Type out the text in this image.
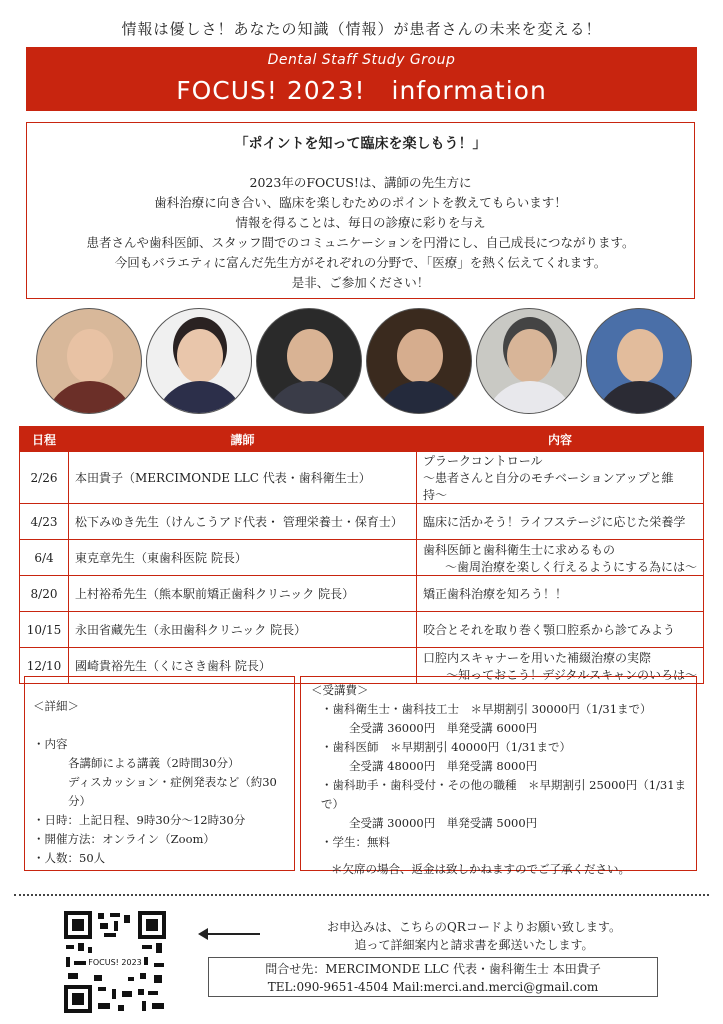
情報は優しさ！あなたの知識（情報）が患者さんの未来を変える！
Dental Staff Study Group
FOCUS! 2023!　information
「ポイントを知って臨床を楽しもう！」
2023年のFOCUS!は、講師の先生方に
歯科治療に向き合い、臨床を楽しむためのポイントを教えてもらいます！
情報を得ることは、毎日の診療に彩りを与え
患者さんや歯科医師、スタッフ間でのコミュニケーションを円滑にし、自己成長につながります。
今回もバラエティに富んだ先生方がそれぞれの分野で、「医療」を熱く伝えてくれます。
是非、ご参加ください！
日程	講師	内容
2/26	本田貴子（MERCIMONDE LLC 代表・歯科衛生士）	プラークコントロール
〜患者さんと自分のモチベーションアップと維持〜

4/23	松下みゆき先生（けんこうアド代表・ 管理栄養士・保育士）	臨床に活かそう！ライフステージに応じた栄養学

6/4	東克章先生（東歯科医院 院長）	歯科医師と歯科衛生士に求めるもの
〜歯周治療を楽しく行えるようにする為には〜

8/20	上村裕希先生（熊本駅前矯正歯科クリニック 院長）	矯正歯科治療を知ろう！！

10/15	永田省藏先生（永田歯科クリニック 院長）	咬合とそれを取り巻く顎口腔系から診てみよう

12/10	國崎貴裕先生（くにさき歯科 院長）	口腔内スキャナーを用いた補綴治療の実際
〜知っておこう！デジタルスキャンのいろは〜
＜詳細＞
・内容
各講師による講義（2時間30分）
ディスカッション・症例発表など（約30分）
・日時：上記日程、9時30分〜12時30分
・開催方法：オンライン（Zoom）
・人数：50人
＜受講費＞
・歯科衛生士・歯科技工士　＊早期割引 30000円（1/31まで）
全受講 36000円　単発受講 6000円
・歯科医師　＊早期割引 40000円（1/31まで）
全受講 48000円　単発受講 8000円
・歯科助手・歯科受付・その他の職種　＊早期割引 25000円（1/31まで）
全受講 30000円　単発受講 5000円
・学生：無料
＊欠席の場合、返金は致しかねますのでご了承ください。
FOCUS! 2023
お申込みは、こちらのQRコードよりお願い致します。
追って詳細案内と請求書を郵送いたします。
問合せ先：MERCIMONDE LLC 代表・歯科衛生士 本田貴子
TEL:090-9651-4504 Mail:merci.and.merci@gmail.com
